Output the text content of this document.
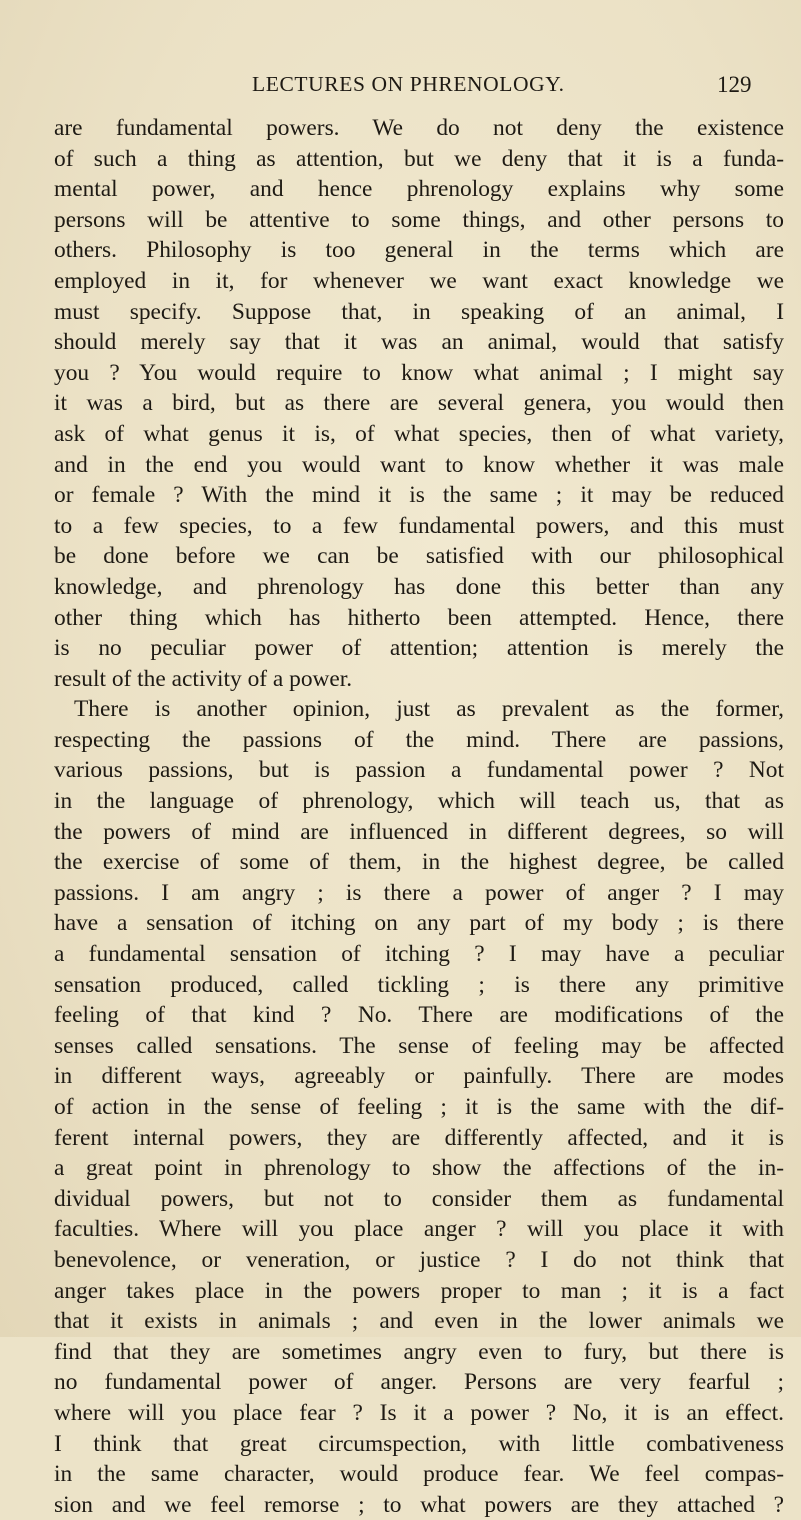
LECTURES ON PHRENOLOGY.	129
are fundamental powers. We do not deny the existence
of such a thing as attention, but we deny that it is a funda-
mental power, and hence phrenology explains why some
persons will be attentive to some things, and other persons to
others. Philosophy is too general in the terms which are
employed in it, for whenever we want exact knowledge we
must specify. Suppose that, in speaking of an animal, I
should merely say that it was an animal, would that satisfy
you ? You would require to know what animal ; I might say
it was a bird, but as there are several genera, you would then
ask of what genus it is, of what species, then of what variety,
and in the end you would want to know whether it was male
or female ? With the mind it is the same ; it may be reduced
to a few species, to a few fundamental powers, and this must
be done before we can be satisfied with our philosophical
knowledge, and phrenology has done this better than any
other thing which has hitherto been attempted. Hence, there
is no peculiar power of attention; attention is merely the
result of the activity of a power.
There is another opinion, just as prevalent as the former,
respecting the passions of the mind. There are passions,
various passions, but is passion a fundamental power ? Not
in the language of phrenology, which will teach us, that as
the powers of mind are influenced in different degrees, so will
the exercise of some of them, in the highest degree, be called
passions. I am angry ; is there a power of anger ? I may
have a sensation of itching on any part of my body ; is there
a fundamental sensation of itching ? I may have a peculiar
sensation produced, called tickling ; is there any primitive
feeling of that kind ? No. There are modifications of the
senses called sensations. The sense of feeling may be affected
in different ways, agreeably or painfully. There are modes
of action in the sense of feeling ; it is the same with the dif-
ferent internal powers, they are differently affected, and it is
a great point in phrenology to show the affections of the in-
dividual powers, but not to consider them as fundamental
faculties. Where will you place anger ? will you place it with
benevolence, or veneration, or justice ? I do not think that
anger takes place in the powers proper to man ; it is a fact
that it exists in animals ; and even in the lower animals we
find that they are sometimes angry even to fury, but there is
no fundamental power of anger. Persons are very fearful ;
where will you place fear ? Is it a power ? No, it is an effect.
I think that great circumspection, with little combativeness
in the same character, would produce fear. We feel compas-
sion and we feel remorse ; to what powers are they attached ?
